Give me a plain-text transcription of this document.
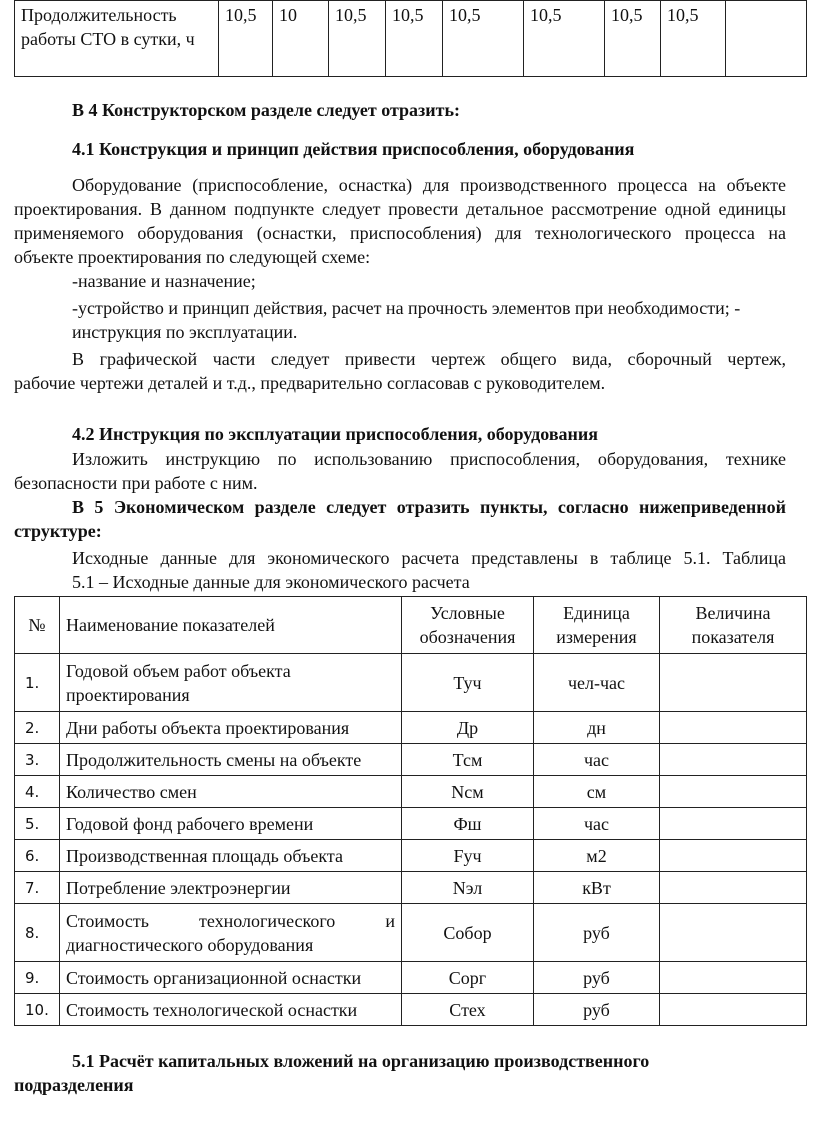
Продолжительность работы СТО в сутки, ч	10,5	10	10,5	10,5	10,5	10,5	10,5	10,5	

В 4 Конструкторском разделе следует отразить:

4.1 Конструкция и принцип действия приспособления, оборудования

Оборудование (приспособление, оснастка) для производственного процесса на объекте

проектирования. В данном подпункте следует провести детальное рассмотрение одной единицы применяемого оборудования (оснастки, приспособления) для технологического процесса на объекте проектирования по следующей схеме:

-название и назначение;

-устройство и принцип действия, расчет на прочность элементов при необходимости; -

инструкция по эксплуатации.

В графической части следует привести чертеж общего вида, сборочный чертеж,

рабочие чертежи деталей и т.д., предварительно согласовав с руководителем.

4.2 Инструкция по эксплуатации приспособления, оборудования

Изложить инструкцию по использованию приспособления, оборудования, технике

безопасности при работе с ним.

В 5 Экономическом разделе следует отразить пункты, согласно нижеприведенной

структуре:

Исходные данные для экономического расчета представлены в таблице 5.1. Таблица

5.1 – Исходные данные для экономического расчета

№	Наименование показателей	Условные обозначения	Единица измерения	Величина показателя
1.	Годовой объем работ объекта проектирования	Туч	чел-час	
2.	Дни работы объекта проектирования	Др	дн	
3.	Продолжительность смены на объекте	Тсм	час	
4.	Количество смен	Nсм	см	
5.	Годовой фонд рабочего времени	Фш	час	
6.	Производственная площадь объекта	Fуч	м2	
7.	Потребление электроэнергии	Nэл	кВт	
8.	Стоимость технологического и
диагностического оборудования	Собор	руб	
9.	Стоимость организационной оснастки	Сорг	руб	
10.	Стоимость технологической оснастки	Стех	руб	

5.1 Расчёт капитальных вложений на организацию производственного

подразделения
